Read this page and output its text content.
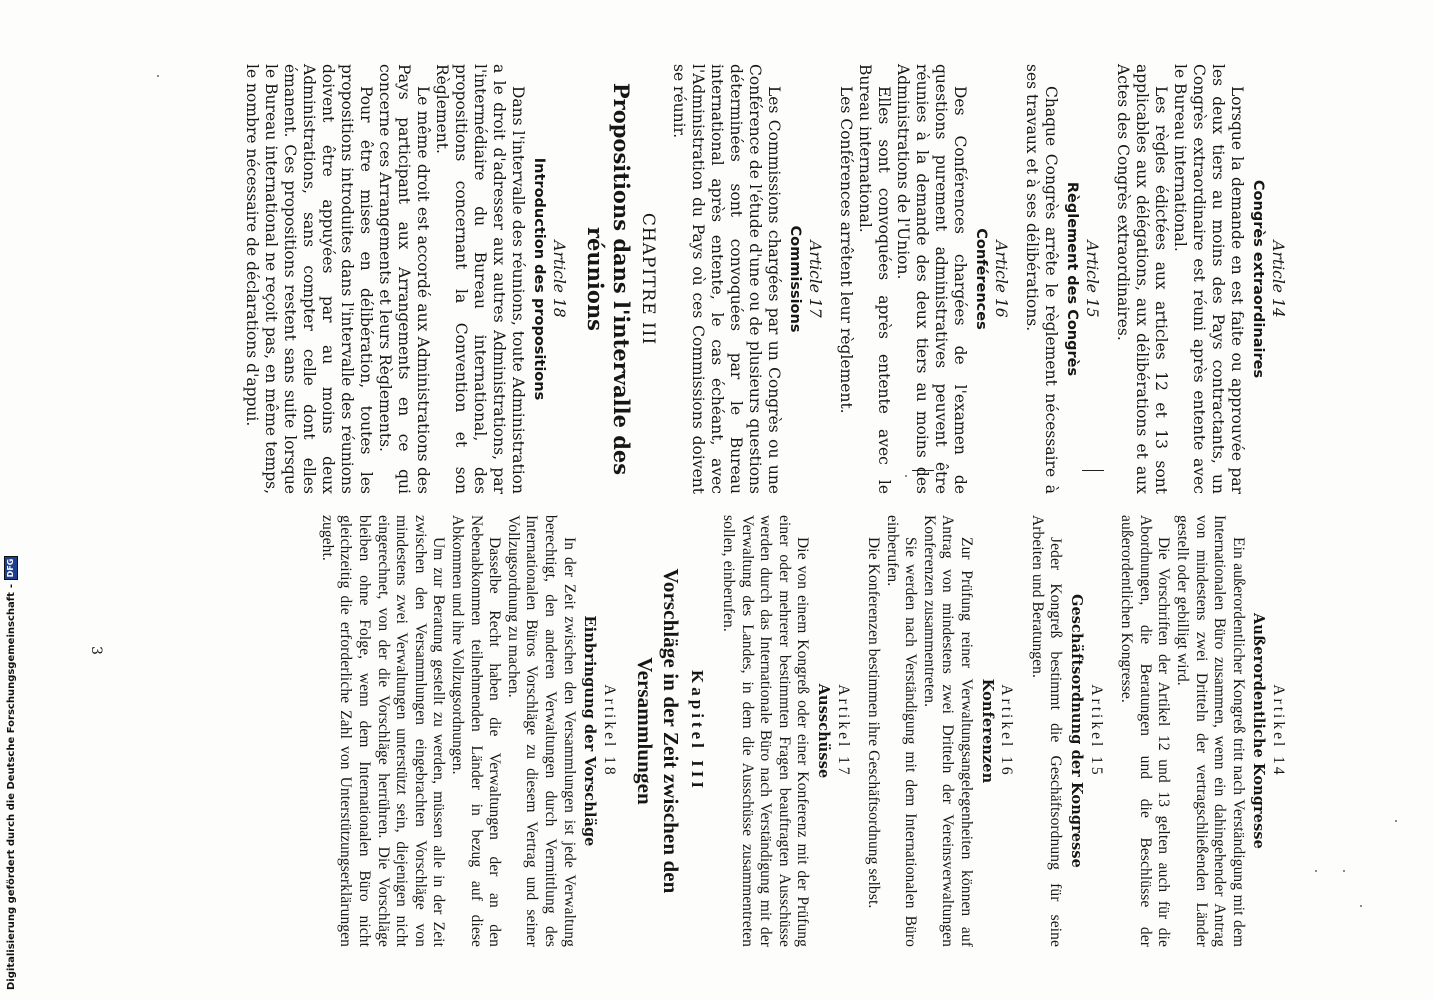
Article 14
Congrès extraordinaires

Lorsque la demande en est faite ou approuvée par les deux tiers au moins des Pays contractants, un Congrès extraordinaire est réuni après entente avec le Bureau international.

Les règles édictées aux articles 12 et 13 sont applicables aux délégations, aux délibérations et aux Actes des Congrès extraordinaires.

Article 15
Règlement des Congrès

Chaque Congrès arrête le règlement nécessaire à ses travaux et à ses délibérations.

Article 16
Conférences

Des Conférences chargées de l'examen de questions purement administratives peuvent être réunies à la demande des deux tiers au moins des Administrations de l'Union.

Elles sont convoquées après entente avec le Bureau international.

Les Conférences arrêtent leur règlement.

Article 17
Commissions

Les Commissions chargées par un Congrès ou une Conférence de l'étude d'une ou de plusieurs questions déterminées sont convoquées par le Bureau international après entente, le cas échéant, avec l'Administration du Pays où ces Commissions doivent se réunir.

CHAPITRE III
Propositions dans l'intervalle des réunions
Article 18
Introduction des propositions

Dans l'intervalle des réunions, toute Administration a le droit d'adresser aux autres Administrations, par l'intermédiaire du Bureau international, des propositions concernant la Convention et son Règlement.

Le même droit est accordé aux Administrations des Pays participant aux Arrangements en ce qui concerne ces Arrangements et leurs Règlements.

Pour être mises en délibération, toutes les propositions introduites dans l'intervalle des réunions doivent être appuyées par au moins deux Administrations, sans compter celle dont elles émanent. Ces propositions restent sans suite lorsque le Bureau international ne reçoit pas, en même temps, le nombre nécessaire de déclarations d'appui.

Artikel 14
Außerordentliche Kongresse

Ein außerordentlicher Kongreß tritt nach Verständigung mit dem Internationalen Büro zusammen, wenn ein dahingehender Antrag von mindestens zwei Dritteln der vertragschließenden Länder gestellt oder gebilligt wird.

Die Vorschriften der Artikel 12 und 13 gelten auch für die Abordnungen, die Beratungen und die Beschlüsse der außerordentlichen Kongresse.

Artikel 15
Geschäftsordnung der Kongresse

Jeder Kongreß bestimmt die Geschäftsordnung für seine Arbeiten und Beratungen.

Artikel 16
Konferenzen

Zur Prüfung reiner Verwaltungsangelegenheiten können auf Antrag von mindestens zwei Dritteln der Vereinsverwaltungen Konferenzen zusammentreten.

Sie werden nach Verständigung mit dem Internationalen Büro einberufen.

Die Konferenzen bestimmen ihre Geschäftsordnung selbst.

Artikel 17
Ausschüsse

Die von einem Kongreß oder einer Konferenz mit der Prüfung einer oder mehrerer bestimmten Fragen beauftragten Ausschüsse werden durch das Internationale Büro nach Verständigung mit der Verwaltung des Landes, in dem die Ausschüsse zusammentreten sollen, einberufen.

Kapitel III
Vorschläge in der Zeit zwischen den Versammlungen
Artikel 18
Einbringung der Vorschläge

In der Zeit zwischen den Versammlungen ist jede Verwaltung berechtigt, den anderen Verwaltungen durch Vermittlung des Internationalen Büros Vorschläge zu diesem Vertrag und seiner Vollzugsordnung zu machen.

Dasselbe Recht haben die Verwaltungen der an den Nebenabkommen teilnehmenden Länder in bezug auf diese Abkommen und ihre Vollzugsordnungen.

Um zur Beratung gestellt zu werden, müssen alle in der Zeit zwischen den Versammlungen eingebrachten Vorschläge von mindestens zwei Verwaltungen unterstützt sein, diejenigen nicht eingerechnet, von der die Vorschläge herrühren. Die Vorschläge bleiben ohne Folge, wenn dem Internationalen Büro nicht gleichzeitig die erforderliche Zahl von Unterstützungserklärungen zugeht.

3
Digitalisierung gefördert durch die Deutsche Forschungsgemeinschaft
-
DFG
